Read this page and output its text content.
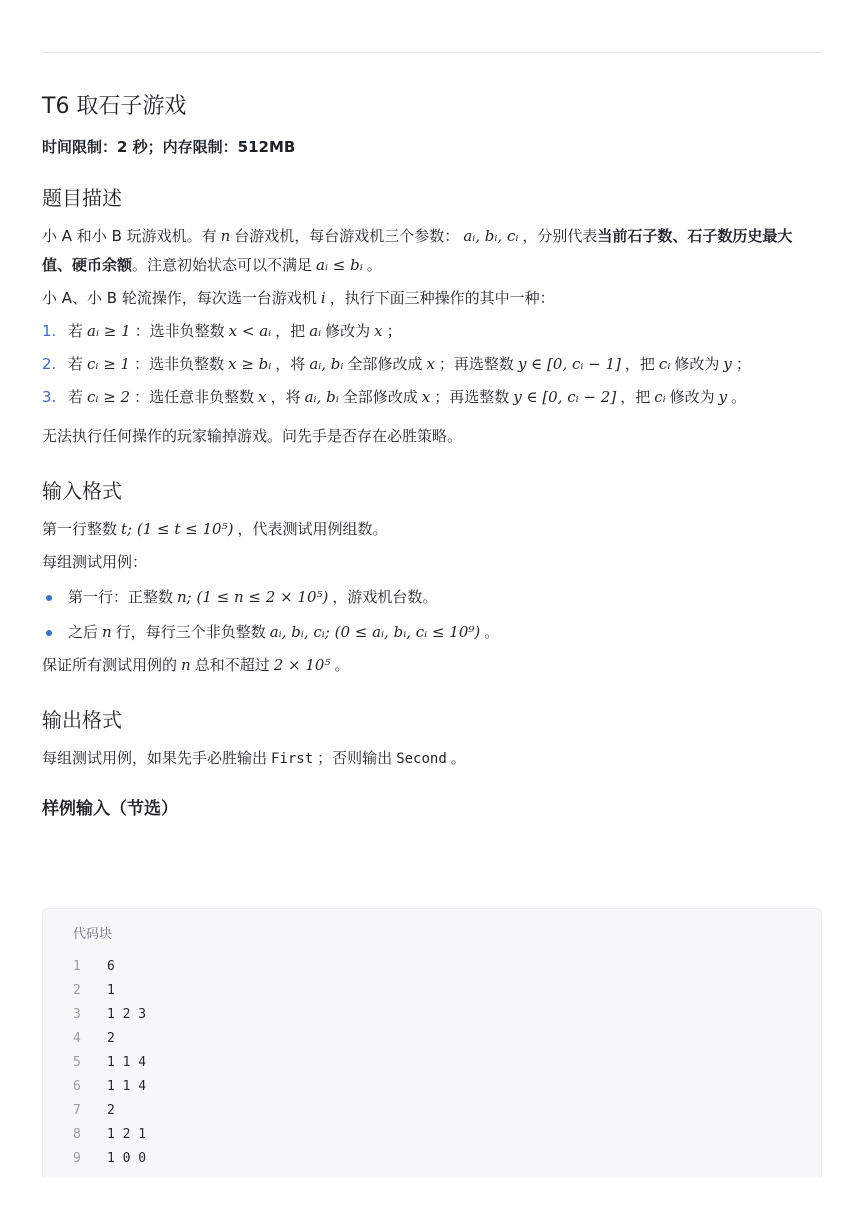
T6 取石子游戏
时间限制：2 秒；内存限制：512MB
题目描述

小 A 和小 B 玩游戏机。有 n 台游戏机，每台游戏机三个参数： aᵢ, bᵢ, cᵢ ，分别代表当前石子数、石子数历史最大值、硬币余额。注意初始状态可以不满足 aᵢ ≤ bᵢ 。

小 A、小 B 轮流操作，每次选一台游戏机 i ，执行下面三种操作的其中一种：

1. 若 aᵢ ≥ 1 ：选非负整数 x < aᵢ ，把 aᵢ 修改为 x ；
2. 若 cᵢ ≥ 1 ：选非负整数 x ≥ bᵢ ，将 aᵢ, bᵢ 全部修改成 x ；再选整数 y ∈ [0, cᵢ − 1] ，把 cᵢ 修改为 y ；
3. 若 cᵢ ≥ 2 ：选任意非负整数 x ，将 aᵢ, bᵢ 全部修改成 x ；再选整数 y ∈ [0, cᵢ − 2] ，把 cᵢ 修改为 y 。

无法执行任何操作的玩家输掉游戏。问先手是否存在必胜策略。

输入格式

第一行整数 t; (1 ≤ t ≤ 10⁵) ，代表测试用例组数。

每组测试用例：

第一行：正整数 n; (1 ≤ n ≤ 2 × 10⁵) ，游戏机台数。
之后 n 行，每行三个非负整数 aᵢ, bᵢ, cᵢ; (0 ≤ aᵢ, bᵢ, cᵢ ≤ 10⁹) 。

保证所有测试用例的 n 总和不超过 2 × 10⁵ 。

输出格式

每组测试用例，如果先手必胜输出 First ；否则输出 Second 。

样例输入（节选）
代码块
1	6
2	1
3	1 2 3
4	2
5	1 1 4
6	1 1 4
7	2
8	1 2 1
9	1 0 0
